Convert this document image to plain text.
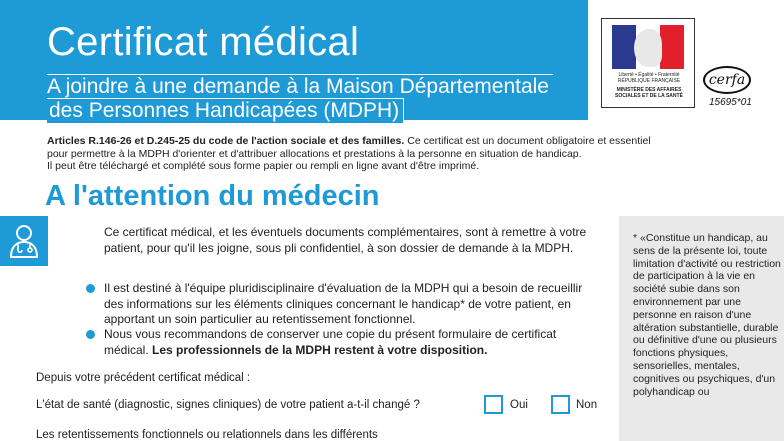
Certificat médical
A joindre à une demande à la Maison Départementale
des Personnes Handicapées (MDPH)
Liberté • Égalité • Fraternité RÉPUBLIQUE FRANÇAISE
MINISTÈRE DES AFFAIRES SOCIALES ET DE LA SANTÉ
cerfa
15695*01
Articles R.146-26 et D.245-25 du code de l'action sociale et des familles. Ce certificat est un document obligatoire et essentiel
pour permettre à la MDPH d'orienter et d'attribuer allocations et prestations à la personne en situation de handicap.
Il peut être téléchargé et complété sous forme papier ou rempli en ligne avant d'être imprimé.
A l'attention du médecin
Ce certificat médical, et les éventuels documents complémentaires, sont à remettre à votre patient, pour qu'il les joigne, sous pli confidentiel, à son dossier de demande à la MDPH.
Il est destiné à l'équipe pluridisciplinaire d'évaluation de la MDPH qui a besoin de recueillir des informations sur les éléments cliniques concernant le handicap* de votre patient, en apportant un soin particulier au retentissement fonctionnel.
Nous vous recommandons de conserver une copie du présent formulaire de certificat médical. Les professionnels de la MDPH restent à votre disposition.
Depuis votre précédent certificat médical :
L'état de santé (diagnostic, signes cliniques) de votre patient a-t-il changé ?	Oui	Non
Les retentissements fonctionnels ou relationnels dans les différents
* «Constitue un handicap, au sens de la présente loi, toute limitation d'activité ou restriction de participation à la vie en société subie dans son environnement par une personne en raison d'une altération substantielle, durable ou définitive d'une ou plusieurs fonctions physiques, sensorielles, mentales, cognitives ou psychiques, d'un polyhandicap ou
